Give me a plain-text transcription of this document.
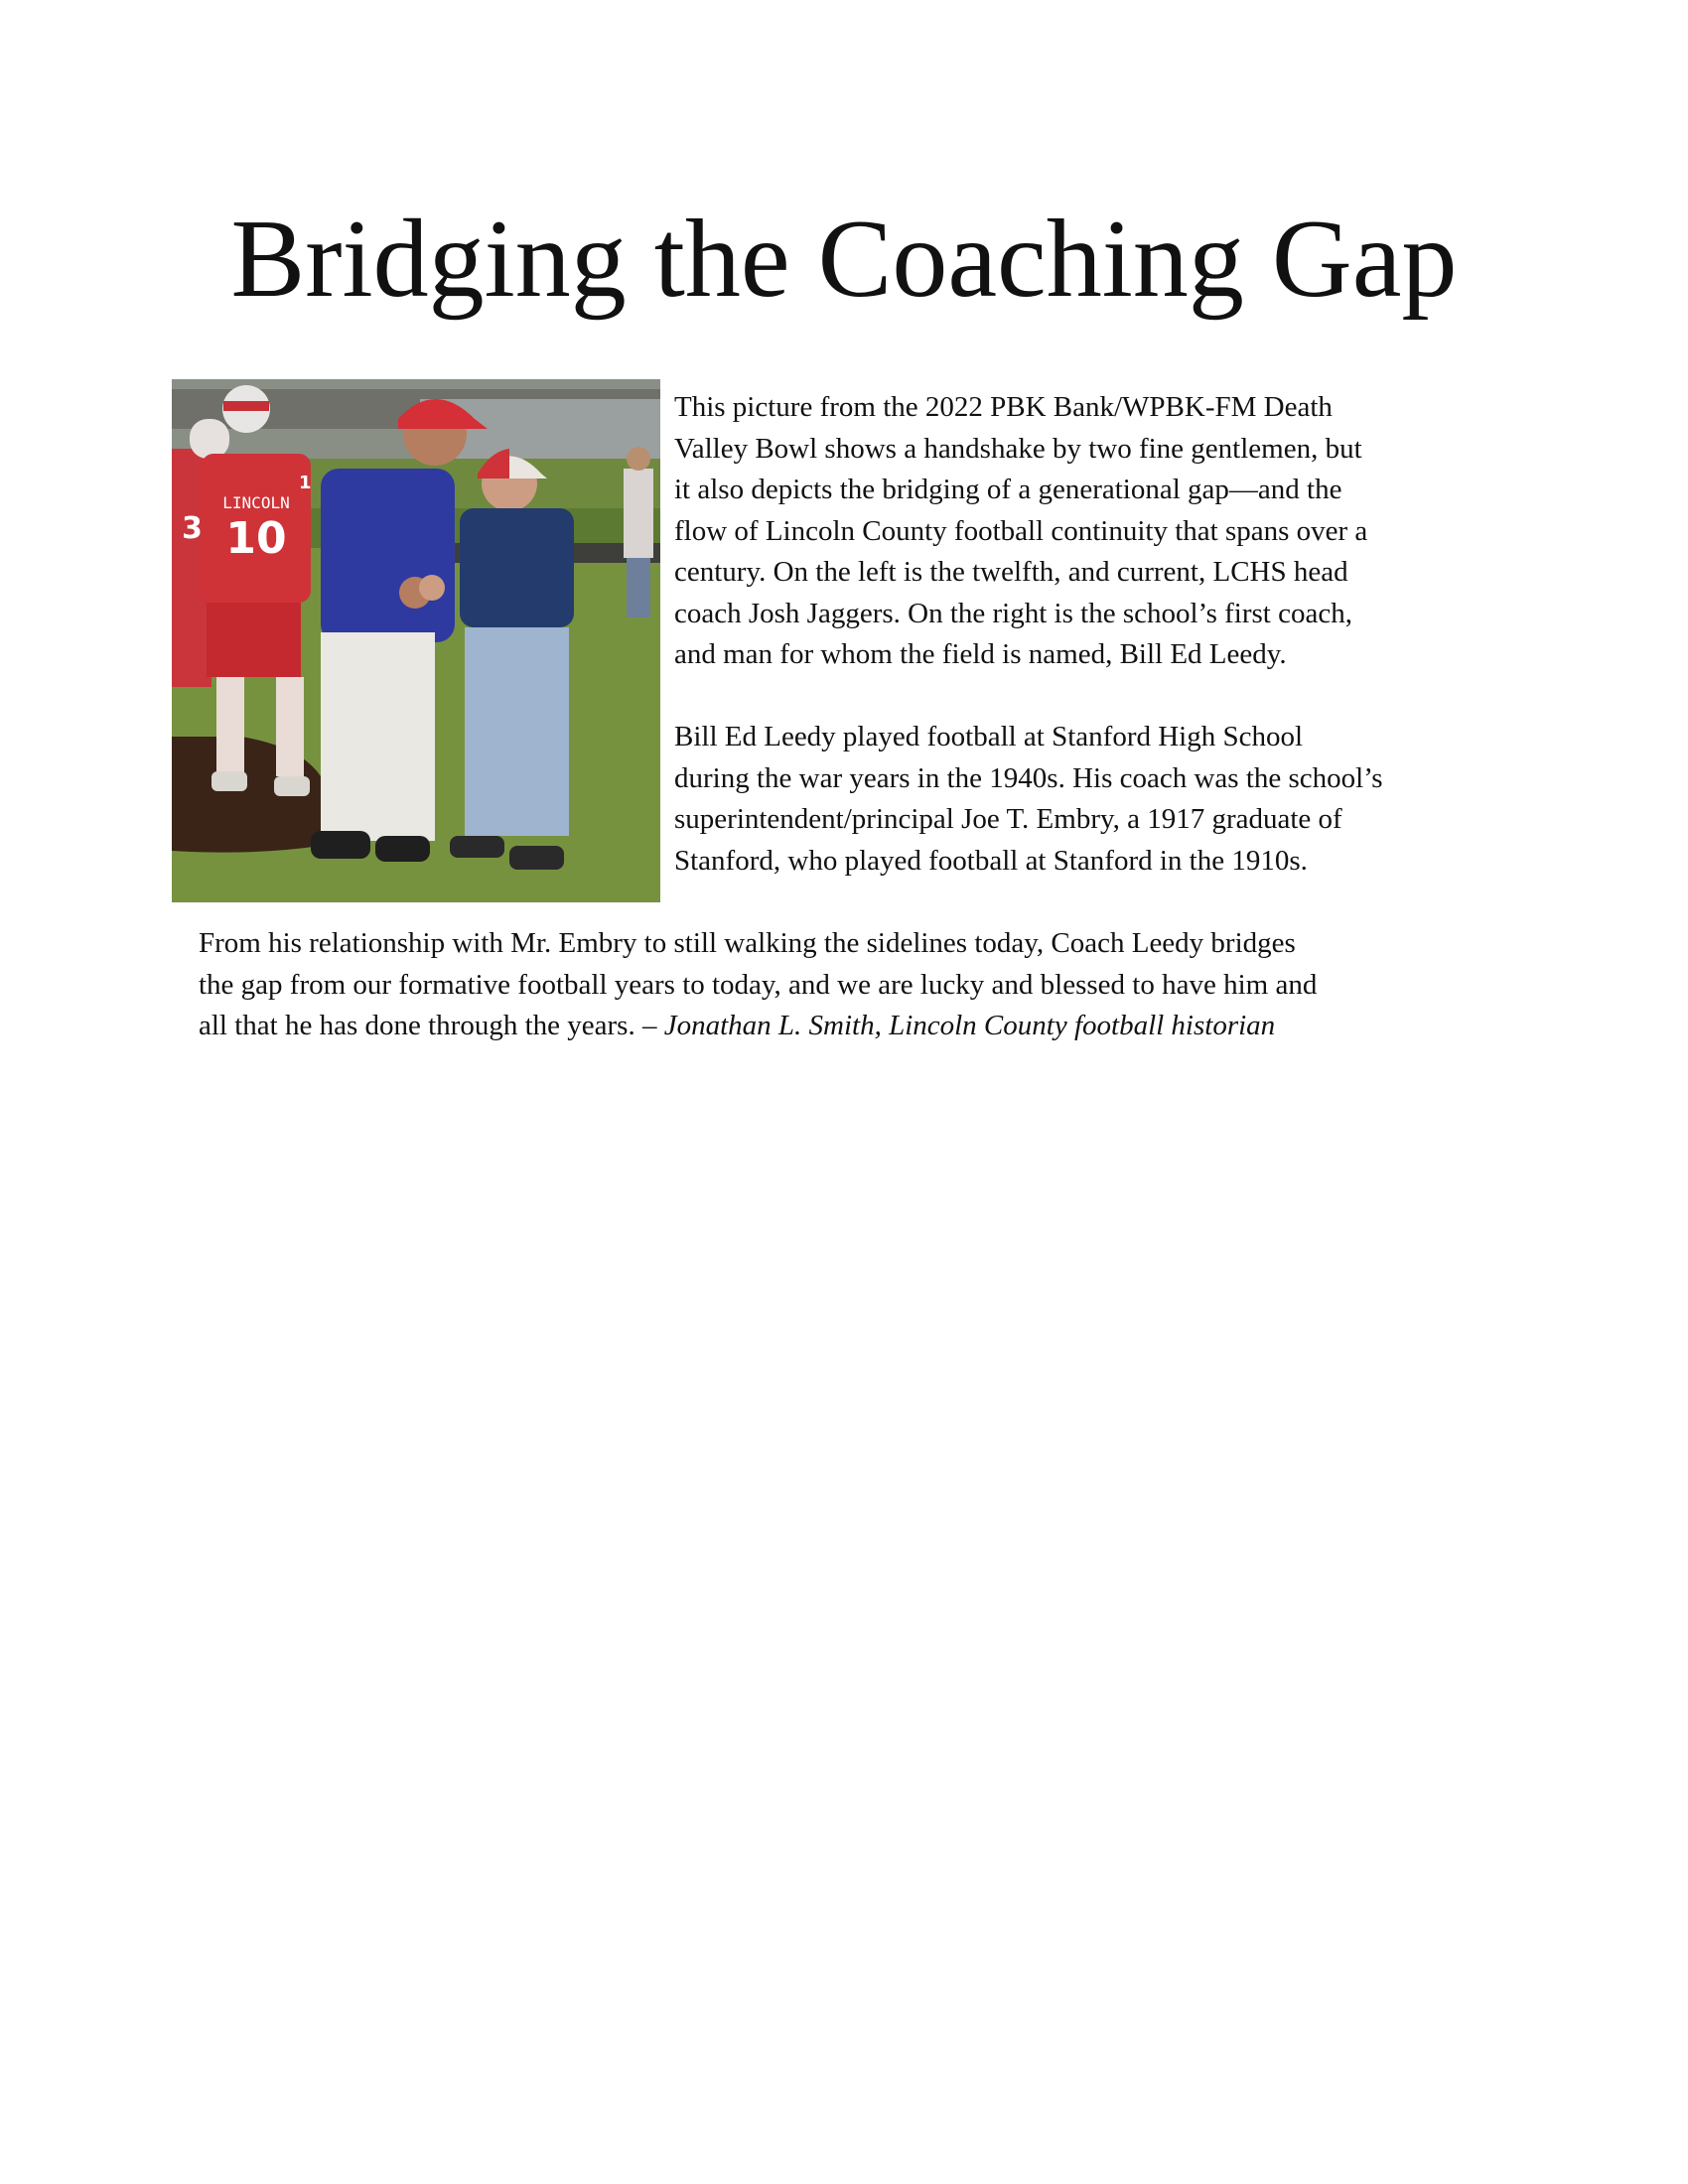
Bridging the Coaching Gap
LINCOLN
10
3
1

This picture from the 2022 PBK Bank/WPBK-FM Death
Valley Bowl shows a handshake by two fine gentlemen, but
it also depicts the bridging of a generational gap—and the
flow of Lincoln County football continuity that spans over a
century. On the left is the twelfth, and current, LCHS head
coach Josh Jaggers. On the right is the school’s first coach,
and man for whom the field is named, Bill Ed Leedy.

Bill Ed Leedy played football at Stanford High School
during the war years in the 1940s. His coach was the school’s
superintendent/principal Joe T. Embry, a 1917 graduate of
Stanford, who played football at Stanford in the 1910s.

From his relationship with Mr. Embry to still walking the sidelines today, Coach Leedy bridges
the gap from our formative football years to today, and we are lucky and blessed to have him and
all that he has done through the years. – Jonathan L. Smith, Lincoln County football historian
